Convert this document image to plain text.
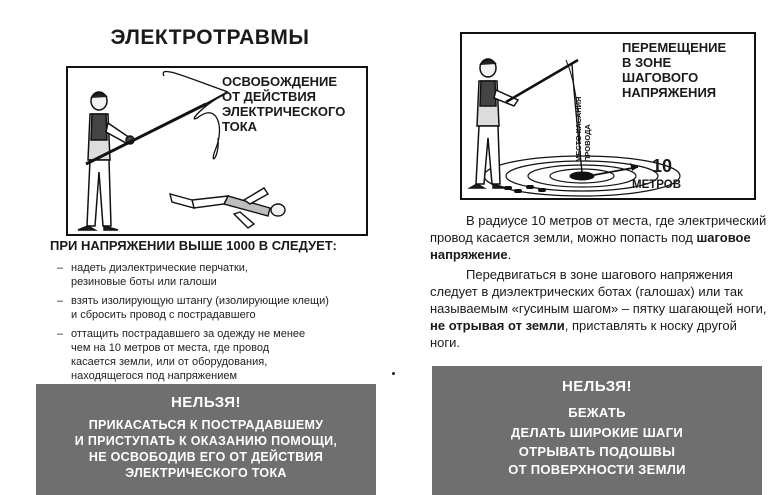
ЭЛЕКТРОТРАВМЫ
ОСВОБОЖДЕНИЕ
ОТ ДЕЙСТВИЯ
ЭЛЕКТРИЧЕСКОГО
ТОКА
ПРИ НАПРЯЖЕНИИ ВЫШЕ 1000 В СЛЕДУЕТ:
– надеть диэлектрические перчатки,
резиновые боты или галоши
– взять изолирующую штангу (изолирующие клещи)
и сбросить провод с пострадавшего
– оттащить пострадавшего за одежду не менее
чем на 10 метров от места, где провод
касается земли, или от оборудования,
находящегося под напряжением
НЕЛЬЗЯ!
ПРИКАСАТЬСЯ К ПОСТРАДАВШЕМУ
И ПРИСТУПАТЬ К ОКАЗАНИЮ ПОМОЩИ,
НЕ ОСВОБОДИВ ЕГО ОТ ДЕЙСТВИЯ
ЭЛЕКТРИЧЕСКОГО ТОКА
ПЕРЕМЕЩЕНИЕ
В ЗОНЕ
ШАГОВОГО
НАПРЯЖЕНИЯ
МЕСТО КАСАНИЯ ПРОВОДА
10
МЕТРОВ

В радиусе 10 метров от места, где электрический провод касается земли, можно попасть под шаговое напряжение.

Передвигаться в зоне шагового напряжения следует в диэлектрических ботах (галошах) или так называемым «гусиным шагом» – пятку шагающей ноги, не отрывая от земли, приставлять к носку другой ноги.

НЕЛЬЗЯ!
БЕЖАТЬ
ДЕЛАТЬ ШИРОКИЕ ШАГИ
ОТРЫВАТЬ ПОДОШВЫ
ОТ ПОВЕРХНОСТИ ЗЕМЛИ
